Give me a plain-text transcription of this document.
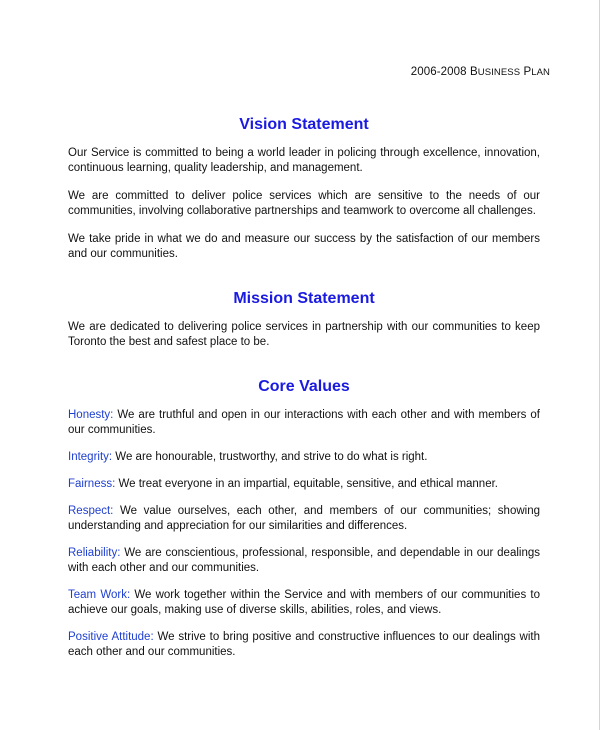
2006-2008 BUSINESS PLAN
Vision Statement

Our Service is committed to being a world leader in policing through excellence, innovation, continuous learning, quality leadership, and management.

We are committed to deliver police services which are sensitive to the needs of our communities, involving collaborative partnerships and teamwork to overcome all challenges.

We take pride in what we do and measure our success by the satisfaction of our members and our communities.

Mission Statement

We are dedicated to delivering police services in partnership with our communities to keep Toronto the best and safest place to be.

Core Values

Honesty: We are truthful and open in our interactions with each other and with members of our communities.

Integrity: We are honourable, trustworthy, and strive to do what is right.

Fairness: We treat everyone in an impartial, equitable, sensitive, and ethical manner.

Respect: We value ourselves, each other, and members of our communities; showing understanding and appreciation for our similarities and differences.

Reliability: We are conscientious, professional, responsible, and dependable in our dealings with each other and our communities.

Team Work: We work together within the Service and with members of our communities to achieve our goals, making use of diverse skills, abilities, roles, and views.

Positive Attitude: We strive to bring positive and constructive influences to our dealings with each other and our communities.
